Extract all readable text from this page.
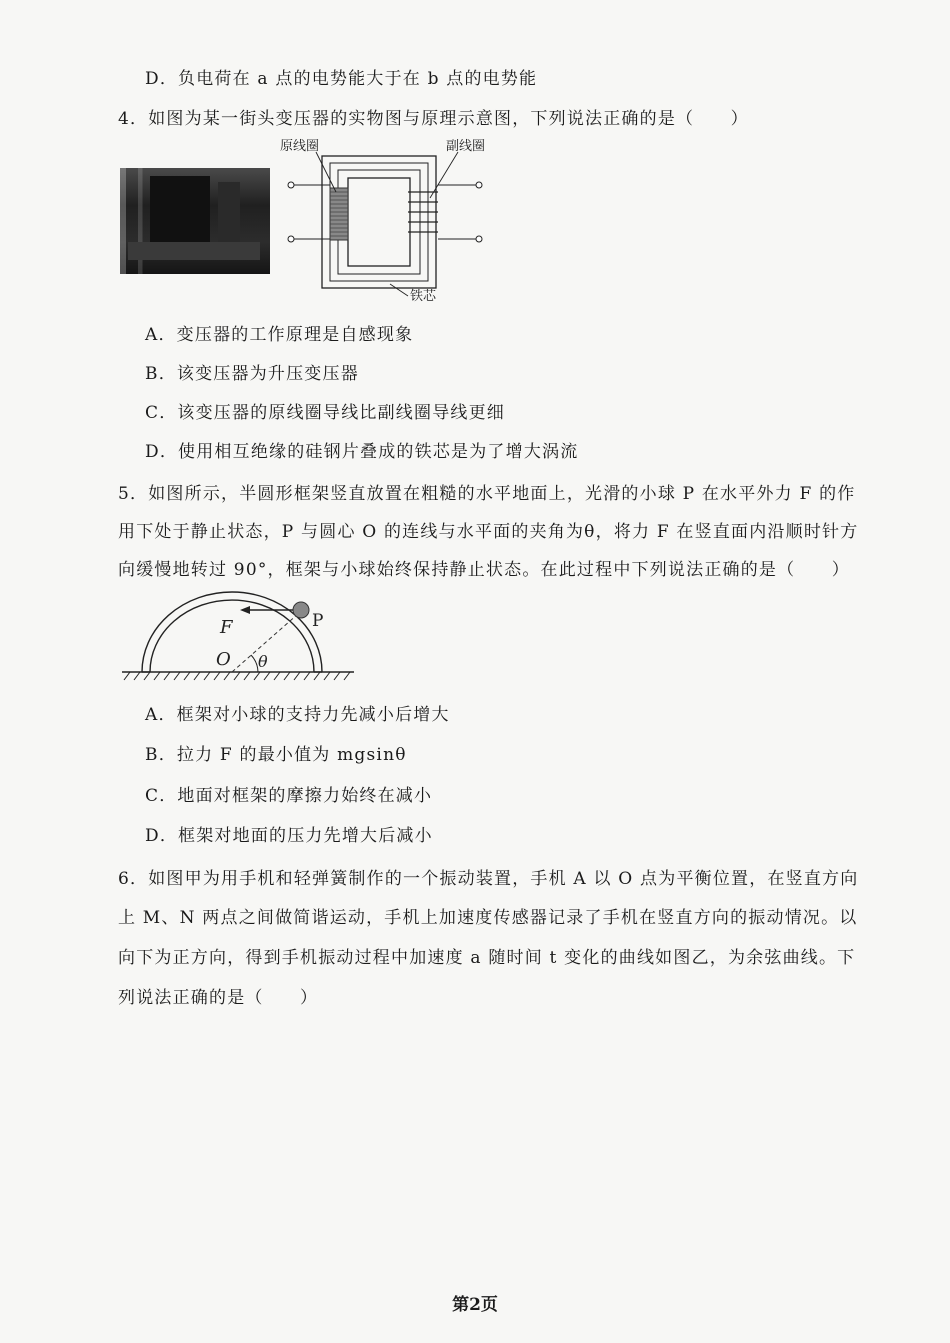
D．负电荷在 a 点的电势能大于在 b 点的电势能
4．如图为某一街头变压器的实物图与原理示意图，下列说法正确的是（　　）
原线圈	副线圈
铁芯
A．变压器的工作原理是自感现象
B．该变压器为升压变压器
C．该变压器的原线圈导线比副线圈导线更细
D．使用相互绝缘的硅钢片叠成的铁芯是为了增大涡流
5．如图所示，半圆形框架竖直放置在粗糙的水平地面上，光滑的小球 P 在水平外力 F 的作
用下处于静止状态，P 与圆心 O 的连线与水平面的夹角为θ，将力 F 在竖直面内沿顺时针方
向缓慢地转过 90°，框架与小球始终保持静止状态。在此过程中下列说法正确的是（　　）
F	P
O θ
A．框架对小球的支持力先减小后增大
B．拉力 F 的最小值为 mgsinθ
C．地面对框架的摩擦力始终在减小
D．框架对地面的压力先增大后减小
6．如图甲为用手机和轻弹簧制作的一个振动装置，手机 A 以 O 点为平衡位置，在竖直方向
上 M、N 两点之间做简谐运动，手机上加速度传感器记录了手机在竖直方向的振动情况。以
向下为正方向，得到手机振动过程中加速度 a 随时间 t 变化的曲线如图乙，为余弦曲线。下
列说法正确的是（　　）
第2页
